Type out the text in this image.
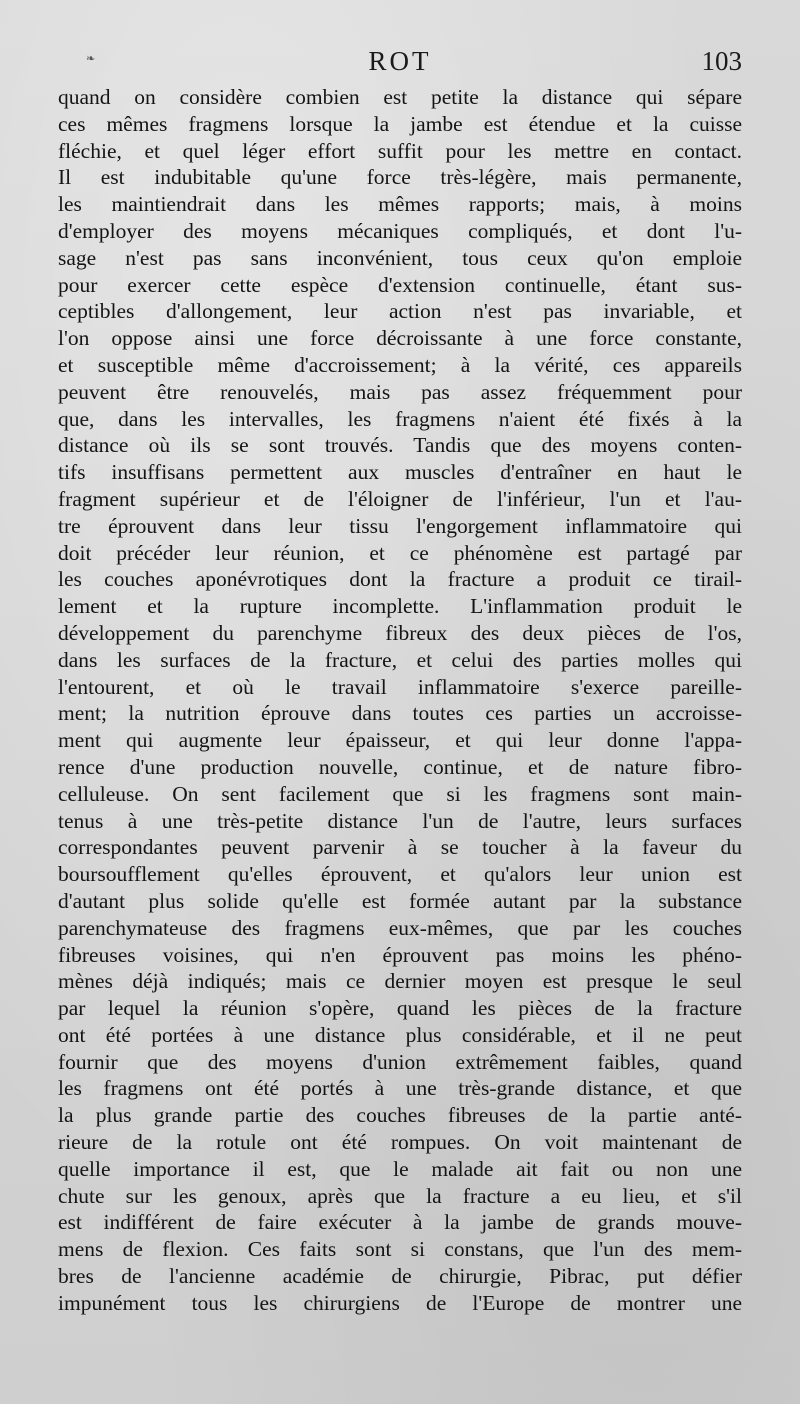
❧	ROT	103
quand on considère combien est petite la distance qui sépare
ces mêmes fragmens lorsque la jambe est étendue et la cuisse
fléchie, et quel léger effort suffit pour les mettre en contact.
Il est indubitable qu'une force très-légère, mais permanente,
les maintiendrait dans les mêmes rapports; mais, à moins
d'employer des moyens mécaniques compliqués, et dont l'u-
sage n'est pas sans inconvénient, tous ceux qu'on emploie
pour exercer cette espèce d'extension continuelle, étant sus-
ceptibles d'allongement, leur action n'est pas invariable, et
l'on oppose ainsi une force décroissante à une force constante,
et susceptible même d'accroissement; à la vérité, ces appareils
peuvent être renouvelés, mais pas assez fréquemment pour
que, dans les intervalles, les fragmens n'aient été fixés à la
distance où ils se sont trouvés. Tandis que des moyens conten-
tifs insuffisans permettent aux muscles d'entraîner en haut le
fragment supérieur et de l'éloigner de l'inférieur, l'un et l'au-
tre éprouvent dans leur tissu l'engorgement inflammatoire qui
doit précéder leur réunion, et ce phénomène est partagé par
les couches aponévrotiques dont la fracture a produit ce tirail-
lement et la rupture incomplette. L'inflammation produit le
développement du parenchyme fibreux des deux pièces de l'os,
dans les surfaces de la fracture, et celui des parties molles qui
l'entourent, et où le travail inflammatoire s'exerce pareille-
ment; la nutrition éprouve dans toutes ces parties un accroisse-
ment qui augmente leur épaisseur, et qui leur donne l'appa-
rence d'une production nouvelle, continue, et de nature fibro-
celluleuse. On sent facilement que si les fragmens sont main-
tenus à une très-petite distance l'un de l'autre, leurs surfaces
correspondantes peuvent parvenir à se toucher à la faveur du
boursoufflement qu'elles éprouvent, et qu'alors leur union est
d'autant plus solide qu'elle est formée autant par la substance
parenchymateuse des fragmens eux-mêmes, que par les couches
fibreuses voisines, qui n'en éprouvent pas moins les phéno-
mènes déjà indiqués; mais ce dernier moyen est presque le seul
par lequel la réunion s'opère, quand les pièces de la fracture
ont été portées à une distance plus considérable, et il ne peut
fournir que des moyens d'union extrêmement faibles, quand
les fragmens ont été portés à une très-grande distance, et que
la plus grande partie des couches fibreuses de la partie anté-
rieure de la rotule ont été rompues. On voit maintenant de
quelle importance il est, que le malade ait fait ou non une
chute sur les genoux, après que la fracture a eu lieu, et s'il
est indifférent de faire exécuter à la jambe de grands mouve-
mens de flexion. Ces faits sont si constans, que l'un des mem-
bres de l'ancienne académie de chirurgie, Pibrac, put défier
impunément tous les chirurgiens de l'Europe de montrer une
